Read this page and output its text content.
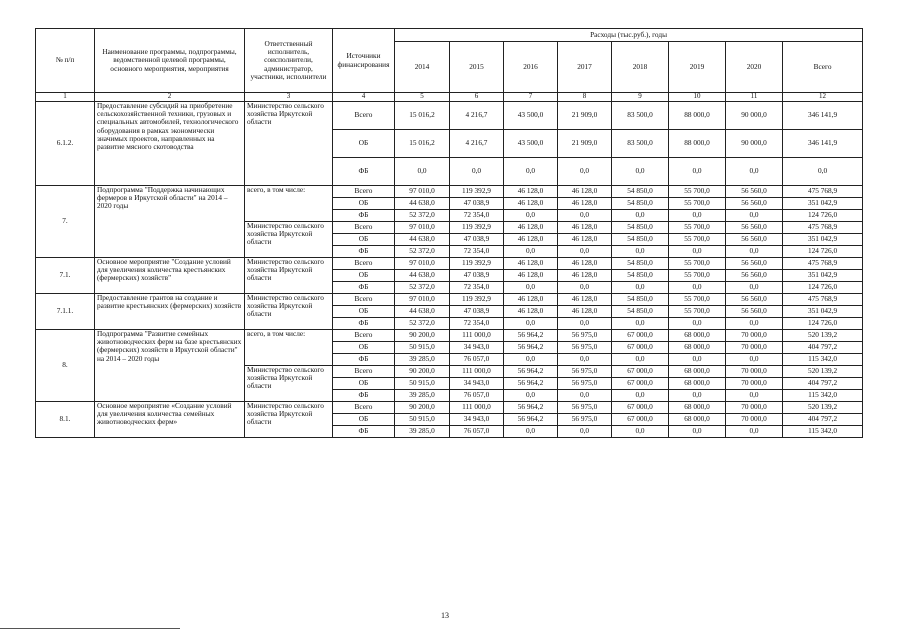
№ п/п	Наименование программы, подпрограммы, ведомственной целевой программы, основного мероприятия, мероприятия	Ответственный исполнитель, соисполнители, администратор, участники, исполнители	Источники финансирования	Расходы (тыс.руб.), годы							
				2014	2015	2016	2017	2018	2019	2020	Всего
1	2	3	4	5	6	7	8	9	10	11	12
6.1.2.	Предоставление субсидий на приобретение сельскохозяйственной техники, грузовых и специальных автомобилей, технологического оборудования в рамках экономически значимых проектов, направленных на развитие мясного скотоводства	Министерство сельского хозяйства Иркутской области	Всего	15 016,2	4 216,7	43 500,0	21 909,0	83 500,0	88 000,0	90 000,0	346 141,9
			ОБ	15 016,2	4 216,7	43 500,0	21 909,0	83 500,0	88 000,0	90 000,0	346 141,9
			ФБ	0,0	0,0	0,0	0,0	0,0	0,0	0,0	0,0
7.	Подпрограмма "Поддержка начинающих фермеров в Иркутской области" на 2014 – 2020 годы	всего, в том числе:	Всего	97 010,0	119 392,9	46 128,0	46 128,0	54 850,0	55 700,0	56 560,0	475 768,9
			ОБ	44 638,0	47 038,9	46 128,0	46 128,0	54 850,0	55 700,0	56 560,0	351 042,9
			ФБ	52 372,0	72 354,0	0,0	0,0	0,0	0,0	0,0	124 726,0
		Министерство сельского хозяйства Иркутской области	Всего	97 010,0	119 392,9	46 128,0	46 128,0	54 850,0	55 700,0	56 560,0	475 768,9
			ОБ	44 638,0	47 038,9	46 128,0	46 128,0	54 850,0	55 700,0	56 560,0	351 042,9
			ФБ	52 372,0	72 354,0	0,0	0,0	0,0	0,0	0,0	124 726,0
7.1.	Основное мероприятие "Создание условий для увеличения количества крестьянских (фермерских) хозяйств"	Министерство сельского хозяйства Иркутской области	Всего	97 010,0	119 392,9	46 128,0	46 128,0	54 850,0	55 700,0	56 560,0	475 768,9
			ОБ	44 638,0	47 038,9	46 128,0	46 128,0	54 850,0	55 700,0	56 560,0	351 042,9
			ФБ	52 372,0	72 354,0	0,0	0,0	0,0	0,0	0,0	124 726,0
7.1.1.	Предоставление грантов на создание и развитие крестьянских (фермерских) хозяйств	Министерство сельского хозяйства Иркутской области	Всего	97 010,0	119 392,9	46 128,0	46 128,0	54 850,0	55 700,0	56 560,0	475 768,9
			ОБ	44 638,0	47 038,9	46 128,0	46 128,0	54 850,0	55 700,0	56 560,0	351 042,9
			ФБ	52 372,0	72 354,0	0,0	0,0	0,0	0,0	0,0	124 726,0
8.	Подпрограмма "Развитие семейных животноводческих ферм на базе крестьянских (фермерских) хозяйств в Иркутской области" на 2014 – 2020 годы	всего, в том числе:	Всего	90 200,0	111 000,0	56 964,2	56 975,0	67 000,0	68 000,0	70 000,0	520 139,2
			ОБ	50 915,0	34 943,0	56 964,2	56 975,0	67 000,0	68 000,0	70 000,0	404 797,2
			ФБ	39 285,0	76 057,0	0,0	0,0	0,0	0,0	0,0	115 342,0
		Министерство сельского хозяйства Иркутской области	Всего	90 200,0	111 000,0	56 964,2	56 975,0	67 000,0	68 000,0	70 000,0	520 139,2
			ОБ	50 915,0	34 943,0	56 964,2	56 975,0	67 000,0	68 000,0	70 000,0	404 797,2
			ФБ	39 285,0	76 057,0	0,0	0,0	0,0	0,0	0,0	115 342,0
8.1.	Основное мероприятие «Создание условий для увеличения количества семейных животноводческих ферм»	Министерство сельского хозяйства Иркутской области	Всего	90 200,0	111 000,0	56 964,2	56 975,0	67 000,0	68 000,0	70 000,0	520 139,2
			ОБ	50 915,0	34 943,0	56 964,2	56 975,0	67 000,0	68 000,0	70 000,0	404 797,2
			ФБ	39 285,0	76 057,0	0,0	0,0	0,0	0,0	0,0	115 342,0
13
